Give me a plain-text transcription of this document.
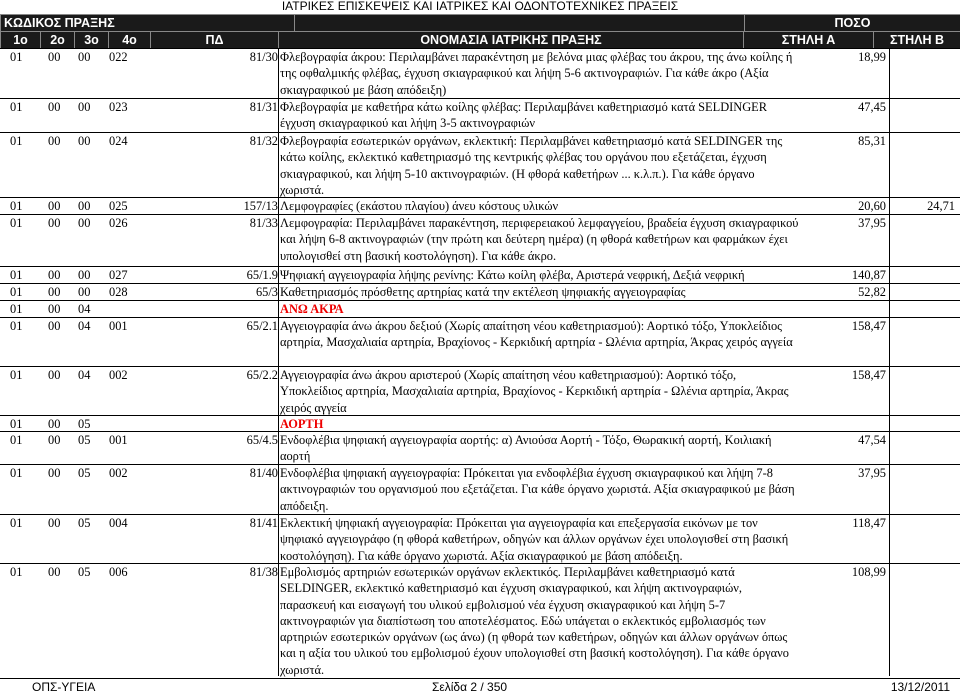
ΙΑΤΡΙΚΕΣ ΕΠΙΣΚΕΨΕΙΣ ΚΑΙ ΙΑΤΡΙΚΕΣ ΚΑΙ ΟΔΟΝΤΟΤΕΧΝΙΚΕΣ ΠΡΑΞΕΙΣ
ΚΩΔΙΚΟΣ ΠΡΑΞΗΣ		ΠΟΣΟ
1ο	2ο	3ο	4ο	ΠΔ	ΟΝΟΜΑΣΙΑ ΙΑΤΡΙΚΗΣ ΠΡΑΞΗΣ	ΣΤΗΛΗ Α	ΣΤΗΛΗ Β
01 00 00 022	81/30 Φλεβογραφία άκρου: Περιλαμβάνει παρακέντηση με βελόνα μιας φλέβας του άκρου, της άνω κοίλης ή
της οφθαλμικής φλέβας, έγχυση σκιαγραφικού και λήψη 5-6 ακτινογραφιών. Για κάθε άκρο (Αξία
σκιαγραφικού με βάση απόδειξη)
18,99
01 00 00 023	81/31 Φλεβογραφία με καθετήρα κάτω κοίλης φλέβας: Περιλαμβάνει καθετηριασμό κατά SELDINGER
έγχυση σκιαγραφικού και λήψη 3-5 ακτινογραφιών
47,45
01 00 00 024	81/32 Φλεβογραφία εσωτερικών οργάνων, εκλεκτική: Περιλαμβάνει καθετηριασμό κατά SELDINGER της
κάτω κοίλης, εκλεκτικό καθετηριασμό της κεντρικής φλέβας του οργάνου που εξετάζεται, έγχυση
σκιαγραφικού, και λήψη 5-10 ακτινογραφιών. (Η φθορά καθετήρων ... κ.λ.π.). Για κάθε όργανο
χωριστά.
85,31
01 00 00 025	157/13 Λεμφογραφίες (εκάστου πλαγίου) άνευ κόστους υλικών	20,60	24,71
01 00 00 026	81/33 Λεμφογραφία: Περιλαμβάνει παρακέντηση, περιφερειακού λεμφαγγείου, βραδεία έγχυση σκιαγραφικού
και λήψη 6-8 ακτινογραφιών (την πρώτη και δεύτερη ημέρα) (η φθορά καθετήρων και φαρμάκων έχει
υπολογισθεί στη βασική κοστολόγηση). Για κάθε άκρο.
37,95
01 00 00 027	65/1.9 Ψηφιακή αγγειογραφία λήψης ρενίνης: Κάτω κοίλη φλέβα, Αριστερά νεφρική, Δεξιά νεφρική	140,87
01 00 00 028	65/3 Καθετηριασμός πρόσθετης αρτηρίας κατά την εκτέλεση ψηφιακής αγγειογραφίας	52,82
01 00 04	ΑΝΩ ΑΚΡΑ
01 00 04 001	65/2.1 Αγγειογραφία άνω άκρου δεξιού (Χωρίς απαίτηση νέου καθετηριασμού): Αορτικό τόξο, Υποκλείδιος
αρτηρία, Μασχαλιαία αρτηρία, Βραχίονος - Κερκιδική αρτηρία - Ωλένια αρτηρία, Άκρας χειρός αγγεία
158,47
01 00 04 002	65/2.2 Αγγειογραφία άνω άκρου αριστερού (Χωρίς απαίτηση νέου καθετηριασμού): Αορτικό τόξο,
Υποκλείδιος αρτηρία, Μασχαλιαία αρτηρία, Βραχίονος - Κερκιδική αρτηρία - Ωλένια αρτηρία, Άκρας
χειρός αγγεία
158,47
01 00 05	ΑΟΡΤΗ
01 00 05 001	65/4.5 Ενδοφλέβια ψηφιακή αγγειογραφία αορτής: α) Ανιούσα Αορτή - Τόξο, Θωρακική αορτή, Κοιλιακή
αορτή
47,54
01 00 05 002	81/40 Ενδοφλέβια ψηφιακή αγγειογραφία: Πρόκειται για ενδοφλέβια έγχυση σκιαγραφικού και λήψη 7-8
ακτινογραφιών του οργανισμού που εξετάζεται. Για κάθε όργανο χωριστά. Αξία σκιαγραφικού με βάση
απόδειξη.
37,95
01 00 05 004	81/41 Εκλεκτική ψηφιακή αγγειογραφία: Πρόκειται για αγγειογραφία και επεξεργασία εικόνων με τον
ψηφιακό αγγειογράφο (η φθορά καθετήρων, οδηγών και άλλων οργάνων έχει υπολογισθεί στη βασική
κοστολόγηση). Για κάθε όργανο χωριστά. Αξία σκιαγραφικού με βάση απόδειξη.
118,47
01 00 05 006	81/38 Εμβολισμός αρτηριών εσωτερικών οργάνων εκλεκτικός. Περιλαμβάνει καθετηριασμό κατά
SELDINGER, εκλεκτικό καθετηριασμό και έγχυση σκιαγραφικού, και λήψη ακτινογραφιών,
παρασκευή και εισαγωγή του υλικού εμβολισμού νέα έγχυση σκιαγραφικού και λήψη 5-7
ακτινογραφιών για διαπίστωση του αποτελέσματος. Εδώ υπάγεται ο εκλεκτικός εμβολιασμός των
αρτηριών εσωτερικών οργάνων (ως άνω) (η φθορά των καθετήρων, οδηγών και άλλων οργάνων όπως
και η αξία του υλικού του εμβολισμού έχουν υπολογισθεί στη βασική κοστολόγηση). Για κάθε όργανο
χωριστά.
108,99
ΟΠΣ-ΥΓΕΙΑ	Σελίδα 2 / 350	13/12/2011
